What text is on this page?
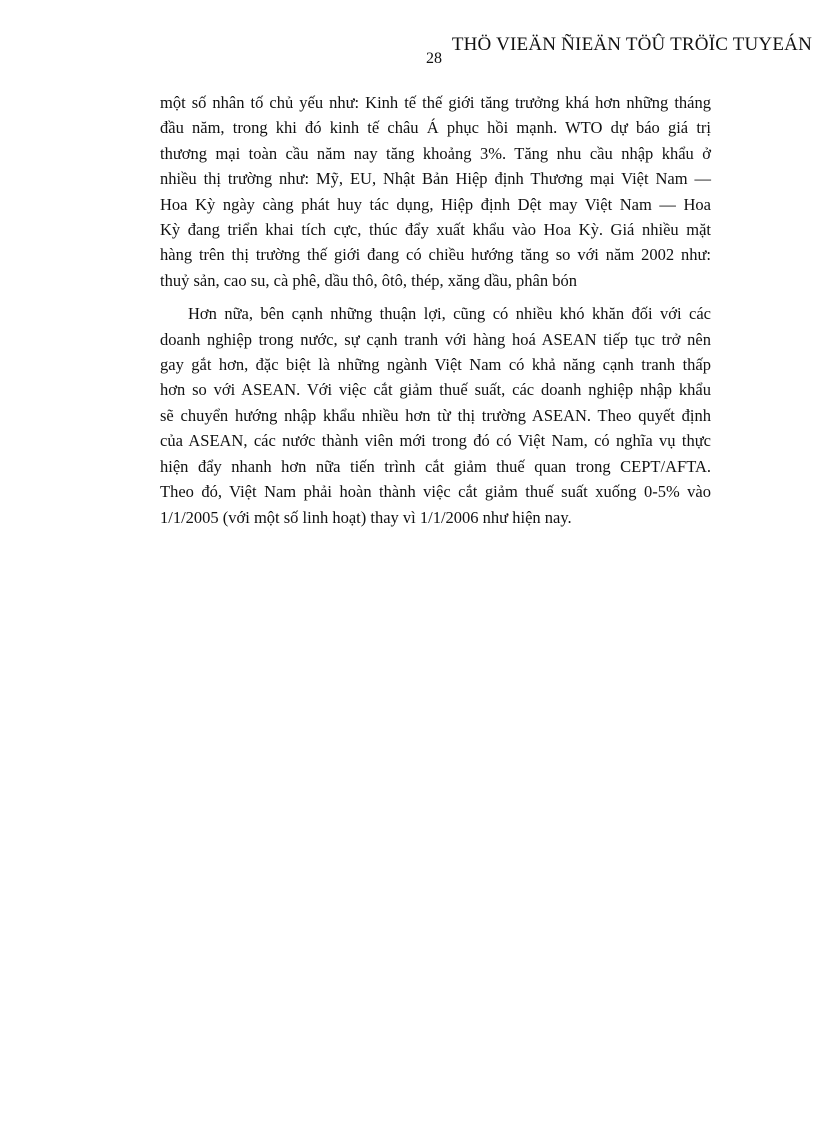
THÖ VIEÄN ÑIEÄN TÖÛ TRÖÏC TUYEÁN
28

một số nhân tố chủ yếu như: Kinh tế thế giới tăng trưởng khá hơn những tháng
đầu năm, trong khi đó kinh tế châu Á phục hồi mạnh. WTO dự báo giá trị
thương mại toàn cầu năm nay tăng khoảng 3%. Tăng nhu cầu nhập khẩu ở
nhiều thị trường như: Mỹ, EU, Nhật Bản Hiệp định Thương mại Việt Nam —
Hoa Kỳ ngày càng phát huy tác dụng, Hiệp định Dệt may Việt Nam — Hoa
Kỳ đang triển khai tích cực, thúc đẩy xuất khẩu vào Hoa Kỳ. Giá nhiều mặt
hàng trên thị trường thế giới đang có chiều hướng tăng so với năm 2002 như:
thuỷ sản, cao su, cà phê, dầu thô, ôtô, thép, xăng dầu, phân bón

Hơn nữa, bên cạnh những thuận lợi, cũng có nhiều khó khăn đối với các
doanh nghiệp trong nước, sự cạnh tranh với hàng hoá ASEAN tiếp tục trở nên
gay gắt hơn, đặc biệt là những ngành Việt Nam có khả năng cạnh tranh thấp
hơn so với ASEAN. Với việc cắt giảm thuế suất, các doanh nghiệp nhập khẩu
sẽ chuyển hướng nhập khẩu nhiều hơn từ thị trường ASEAN. Theo quyết định
của ASEAN, các nước thành viên mới trong đó có Việt Nam, có nghĩa vụ thực
hiện đẩy nhanh hơn nữa tiến trình cắt giảm thuế quan trong CEPT/AFTA.
Theo đó, Việt Nam phải hoàn thành việc cắt giảm thuế suất xuống 0-5% vào
1/1/2005 (với một số linh hoạt) thay vì 1/1/2006 như hiện nay.
